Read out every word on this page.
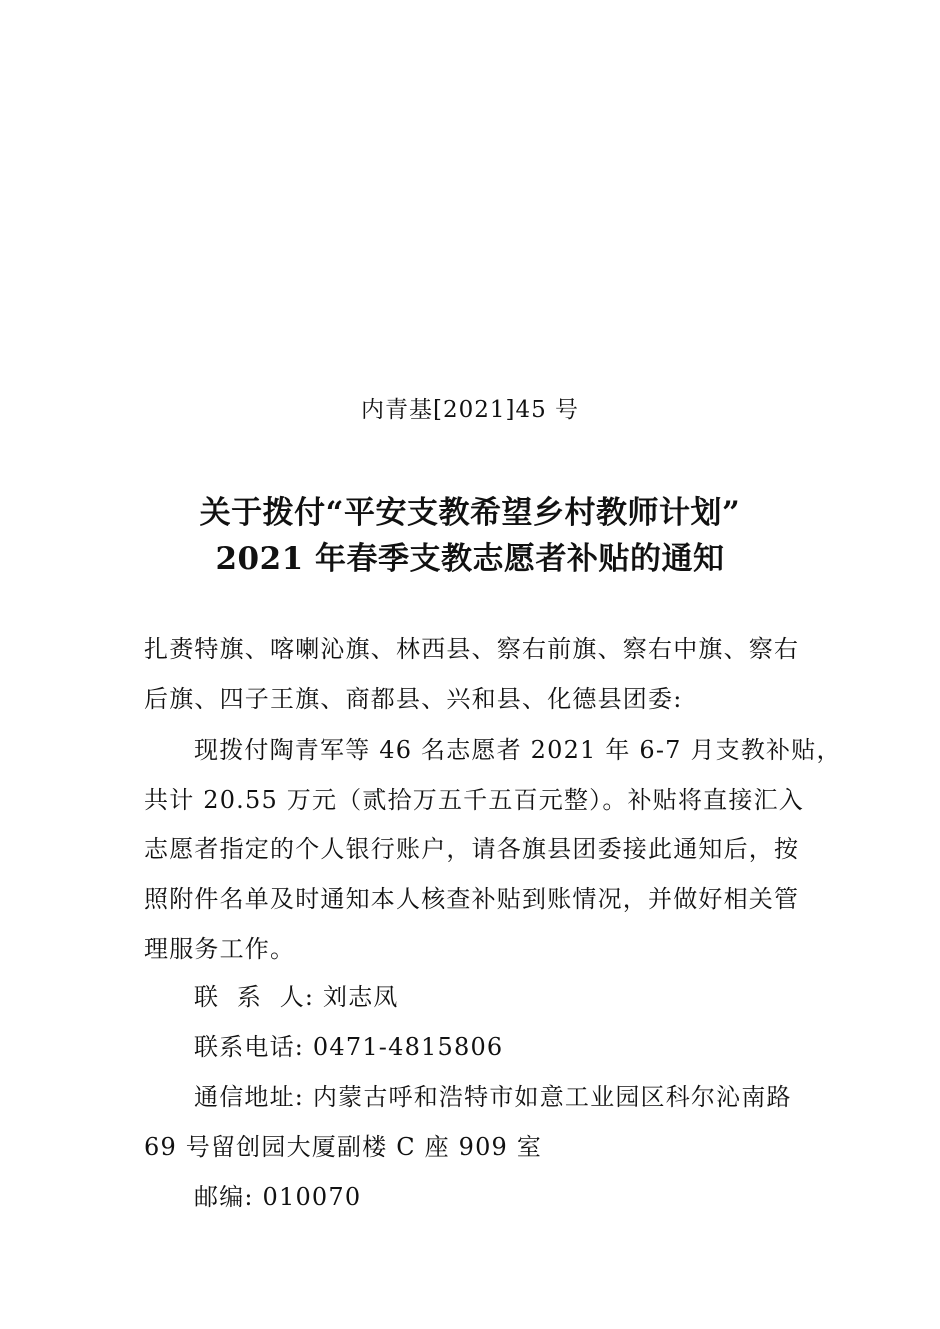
内青基[2021]45 号
关于拨付“平安支教希望乡村教师计划”
2021 年春季支教志愿者补贴的通知
扎赉特旗、喀喇沁旗、林西县、察右前旗、察右中旗、察右
后旗、四子王旗、商都县、兴和县、化德县团委:
现拨付陶青军等 46 名志愿者 2021 年 6-7 月支教补贴，
共计 20.55 万元（贰拾万五千五百元整）。补贴将直接汇入
志愿者指定的个人银行账户，请各旗县团委接此通知后，按
照附件名单及时通知本人核查补贴到账情况，并做好相关管
理服务工作。
联  系  人: 刘志凤
联系电话: 0471-4815806
通信地址: 内蒙古呼和浩特市如意工业园区科尔沁南路
69 号留创园大厦副楼 C 座 909 室
邮编: 010070
